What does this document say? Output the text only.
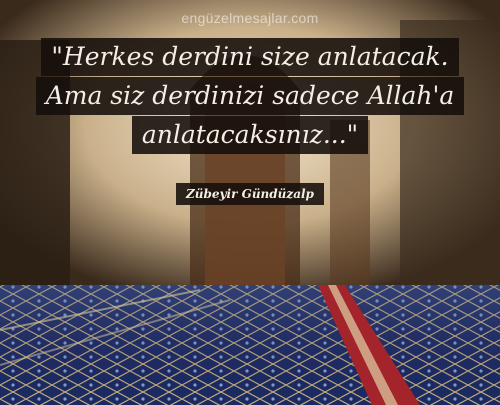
engüzelmesajlar.com
"Herkes derdini size anlatacak.
Ama siz derdinizi sadece Allah'a
anlatacaksınız..."
Zübeyir Gündüzalp
